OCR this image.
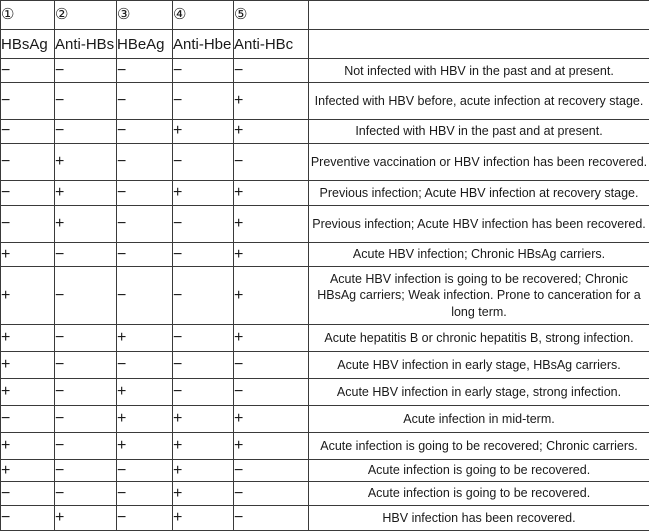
①	②	③	④	⑤	
HBsAg	Anti-HBs	HBeAg	Anti-Hbe	Anti-HBc	
−	−	−	−	−	Not infected with HBV in the past and at present.
−	−	−	−	+	Infected with HBV before, acute infection at recovery stage.
−	−	−	+	+	Infected with HBV in the past and at present.
−	+	−	−	−	Preventive vaccination or HBV infection has been recovered.
−	+	−	+	+	Previous infection; Acute HBV infection at recovery stage.
−	+	−	−	+	Previous infection; Acute HBV infection has been recovered.
+	−	−	−	+	Acute HBV infection; Chronic HBsAg carriers.
+	−	−	−	+	Acute HBV infection is going to be recovered; Chronic HBsAg carriers; Weak infection. Prone to canceration for a long term.
+	−	+	−	+	Acute hepatitis B or chronic hepatitis B, strong infection.
+	−	−	−	−	Acute HBV infection in early stage, HBsAg carriers.
+	−	+	−	−	Acute HBV infection in early stage, strong infection.
−	−	+	+	+	Acute infection in mid-term.
+	−	+	+	+	Acute infection is going to be recovered; Chronic carriers.
+	−	−	+	−	Acute infection is going to be recovered.
−	−	−	+	−	Acute infection is going to be recovered.
−	+	−	+	−	HBV infection has been recovered.
